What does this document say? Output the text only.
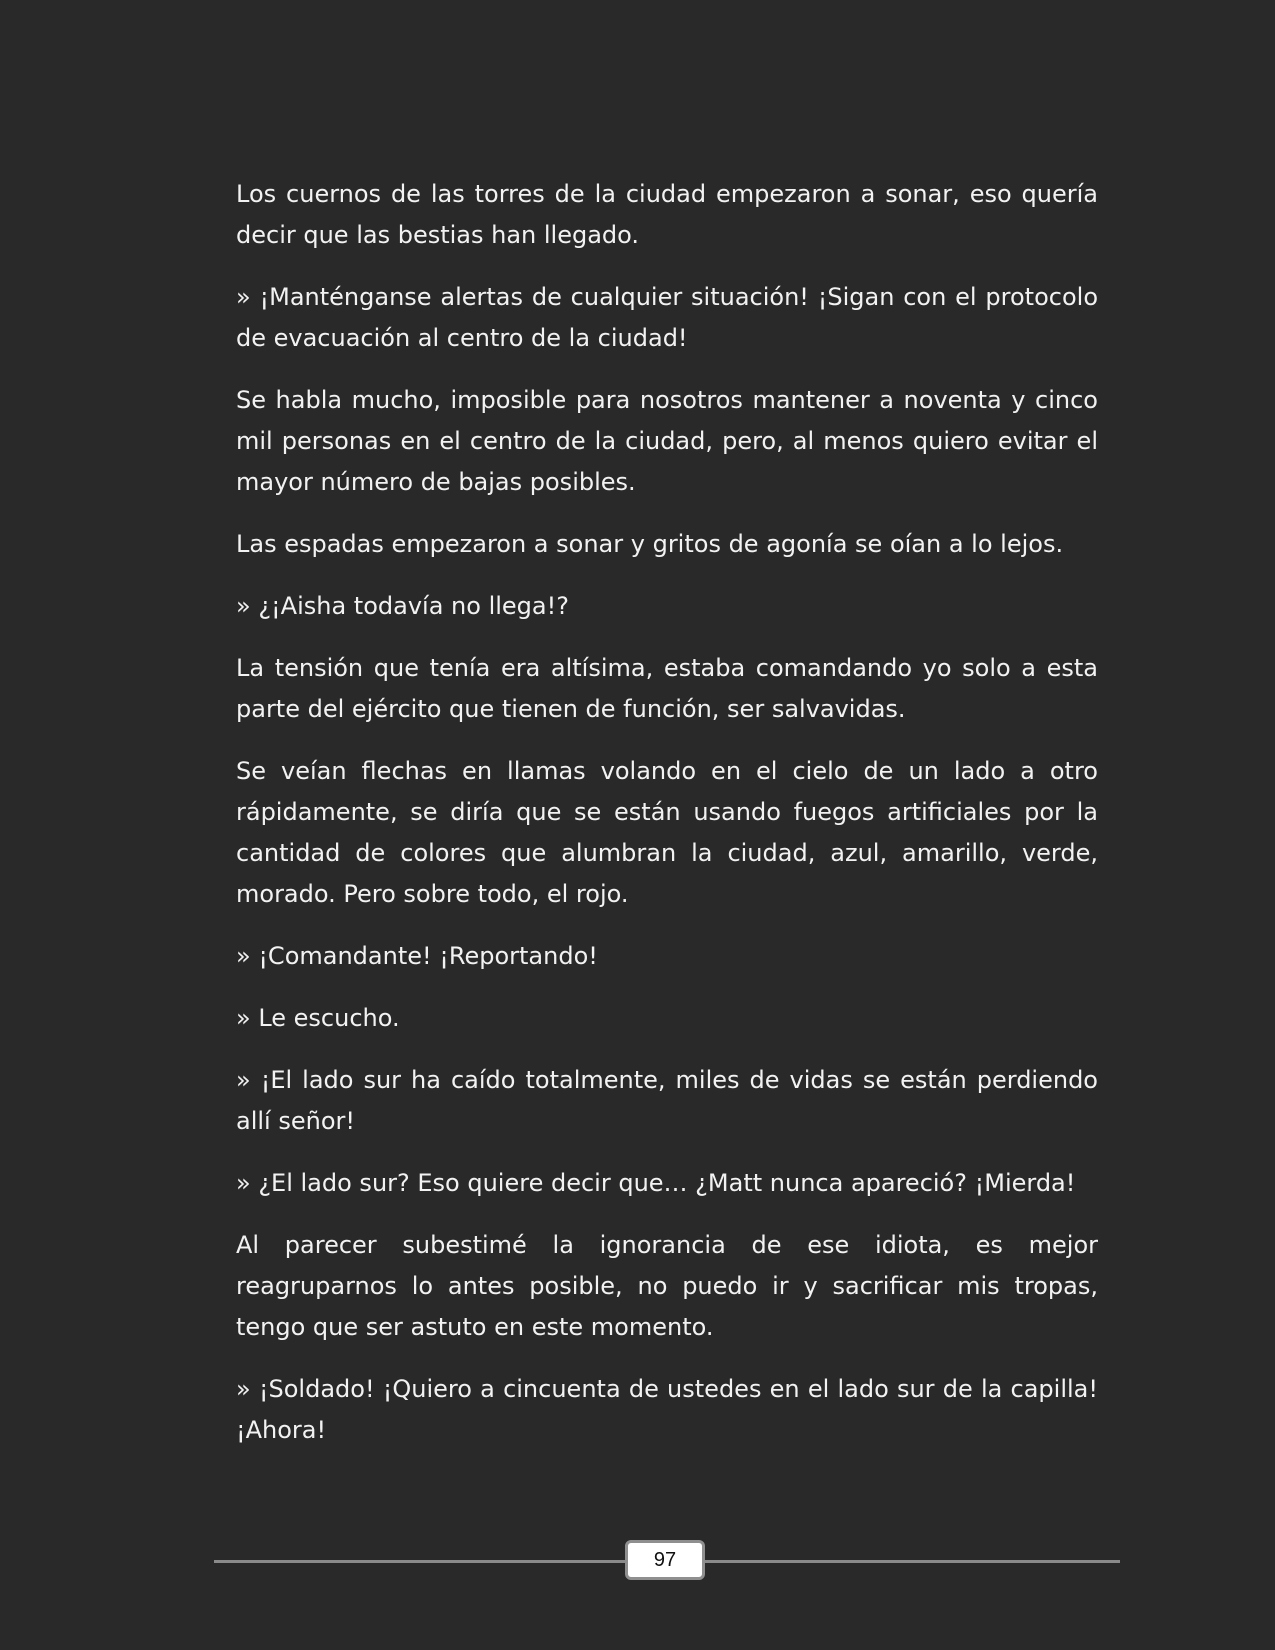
Los cuernos de las torres de la ciudad empezaron a sonar, eso quería decir que las bestias han llegado.

» ¡Manténganse alertas de cualquier situación! ¡Sigan con el protocolo de evacuación al centro de la ciudad!

Se habla mucho, imposible para nosotros mantener a noventa y cinco mil personas en el centro de la ciudad, pero, al menos quiero evitar el mayor número de bajas posibles.

Las espadas empezaron a sonar y gritos de agonía se oían a lo lejos.

» ¿¡Aisha todavía no llega!?

La tensión que tenía era altísima, estaba comandando yo solo a esta parte del ejército que tienen de función, ser salvavidas.

Se veían flechas en llamas volando en el cielo de un lado a otro rápidamente, se diría que se están usando fuegos artificiales por la cantidad de colores que alumbran la ciudad, azul, amarillo, verde, morado. Pero sobre todo, el rojo.

» ¡Comandante! ¡Reportando!

» Le escucho.

» ¡El lado sur ha caído totalmente, miles de vidas se están perdiendo allí señor!

» ¿El lado sur? Eso quiere decir que… ¿Matt nunca apareció? ¡Mierda!

Al parecer subestimé la ignorancia de ese idiota, es mejor reagruparnos lo antes posible, no puedo ir y sacrificar mis tropas, tengo que ser astuto en este momento.

» ¡Soldado! ¡Quiero a cincuenta de ustedes en el lado sur de la capilla! ¡Ahora!

97
